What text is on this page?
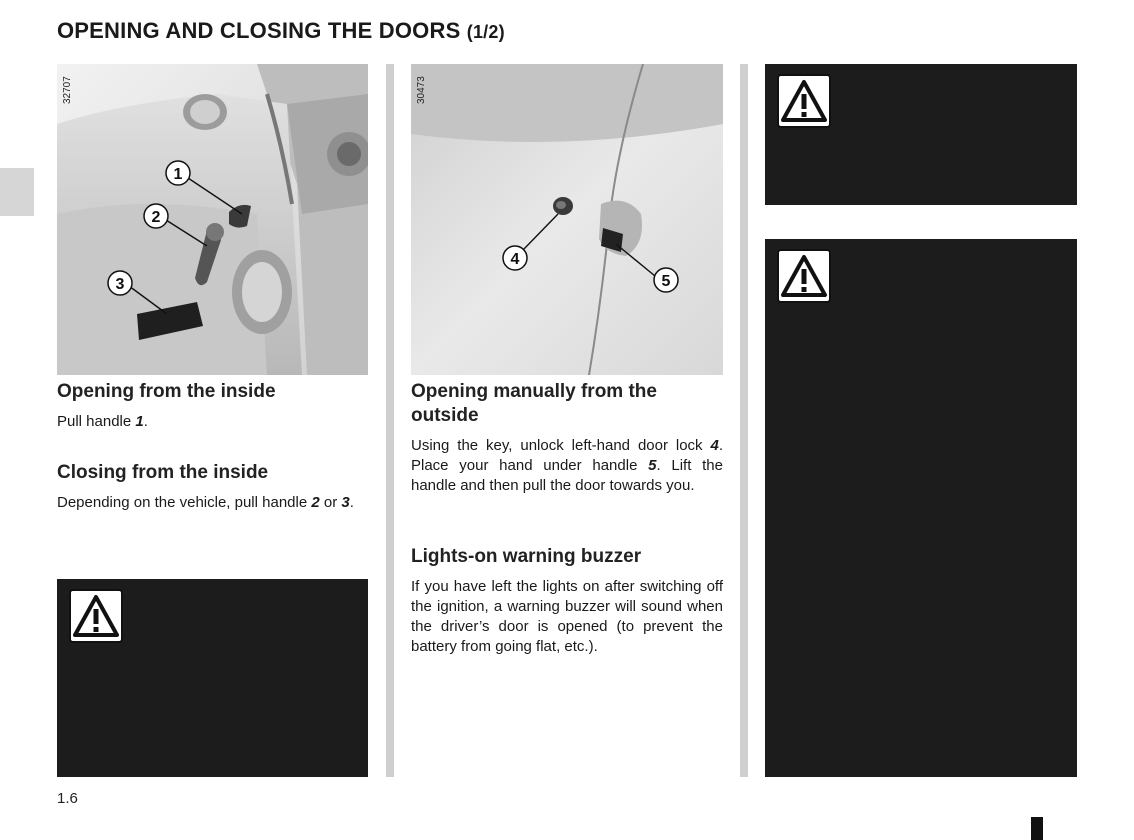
OPENING AND CLOSING THE DOORS (1/2)
1
2
3
32707
4
5
30473
Opening from the inside

Pull handle 1.

Closing from the inside

Depending on the vehicle, pull handle 2 or 3.

Opening manually from the outside

Using the key, unlock left-hand door lock 4. Place your hand under handle 5. Lift the handle and then pull the door towards you.

Lights-on warning buzzer

If you have left the lights on after switching off the ignition, a warning buzzer will sound when the driver’s door is opened (to prevent the battery from going flat, etc.).

1.6
